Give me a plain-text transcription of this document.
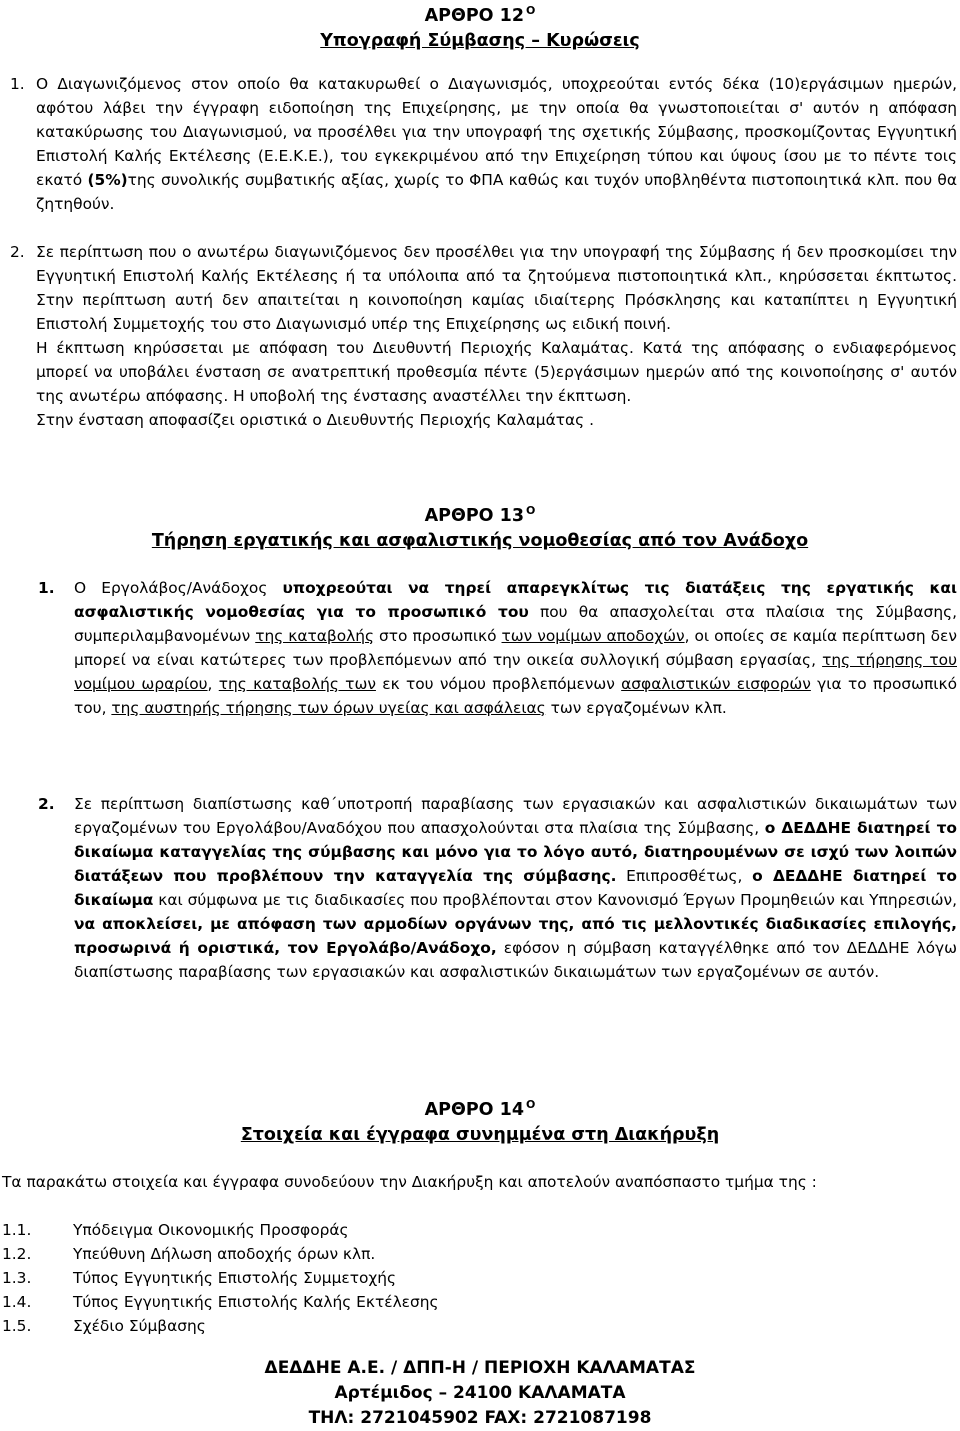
ΑΡΘΡΟ 12 $^O$
Υπογραφή Σύμβασης – Κυρώσεις
1. Ο Διαγωνιζόμενος στον οποίο θα κατακυρωθεί ο Διαγωνισμός, υποχρεούται εντός δέκα (10)εργάσιμων ημερών, αφότου λάβει την έγγραφη ειδοποίηση της Επιχείρησης, με την οποία θα γνωστοποιείται σ' αυτόν η απόφαση κατακύρωσης του Διαγωνισμού, να προσέλθει για την υπογραφή της σχετικής Σύμβασης, προσκομίζοντας Εγγυητική Επιστολή Καλής Εκτέλεσης (Ε.Ε.Κ.Ε.), του εγκεκριμένου από την Επιχείρηση τύπου και ύψους ίσου με το πέντε τοις εκατό (5%)της συνολικής συμβατικής αξίας, χωρίς το ΦΠΑ καθώς και τυχόν υποβληθέντα πιστοποιητικά κλπ. που θα ζητηθούν.
2. Σε περίπτωση που ο ανωτέρω διαγωνιζόμενος δεν προσέλθει για την υπογραφή της Σύμβασης ή δεν προσκομίσει την Εγγυητική Επιστολή Καλής Εκτέλεσης ή τα υπόλοιπα από τα ζητούμενα πιστοποιητικά κλπ., κηρύσσεται έκπτωτος. Στην περίπτωση αυτή δεν απαιτείται η κοινοποίηση καμίας ιδιαίτερης Πρόσκλησης και καταπίπτει η Εγγυητική Επιστολή Συμμετοχής του στο Διαγωνισμό υπέρ της Επιχείρησης ως ειδική ποινή.
Η έκπτωση κηρύσσεται με απόφαση του Διευθυντή Περιοχής Καλαμάτας. Κατά της απόφασης ο ενδιαφερόμενος μπορεί να υποβάλει ένσταση σε ανατρεπτική προθεσμία πέντε (5)εργάσιμων ημερών από της κοινοποίησης σ' αυτόν της ανωτέρω απόφασης. Η υποβολή της ένστασης αναστέλλει την έκπτωση.
Στην ένσταση αποφασίζει οριστικά ο Διευθυντής Περιοχής Καλαμάτας .
ΑΡΘΡΟ 13 $^O$
Τήρηση εργατικής και ασφαλιστικής νομοθεσίας από τον Ανάδοχο
1. Ο Εργολάβος/Ανάδοχος υποχρεούται να τηρεί απαρεγκλίτως τις διατάξεις της εργατικής και ασφαλιστικής νομοθεσίας για το προσωπικό του που θα απασχολείται στα πλαίσια της Σύμβασης, συμπεριλαμβανομένων της καταβολής στο προσωπικό των νομίμων αποδοχών, οι οποίες σε καμία περίπτωση δεν μπορεί να είναι κατώτερες των προβλεπόμενων από την οικεία συλλογική σύμβαση εργασίας, της τήρησης του νομίμου ωραρίου, της καταβολής των εκ του νόμου προβλεπόμενων ασφαλιστικών εισφορών για το προσωπικό του, της αυστηρής τήρησης των όρων υγείας και ασφάλειας των εργαζομένων κλπ.
2. Σε περίπτωση διαπίστωσης καθ΄υποτροπή παραβίασης των εργασιακών και ασφαλιστικών δικαιωμάτων των εργαζομένων του Εργολάβου/Αναδόχου που απασχολούνται στα πλαίσια της Σύμβασης, ο ΔΕΔΔΗΕ διατηρεί το δικαίωμα καταγγελίας της σύμβασης και μόνο για το λόγο αυτό, διατηρουμένων σε ισχύ των λοιπών διατάξεων που προβλέπουν την καταγγελία της σύμβασης. Επιπροσθέτως, ο ΔΕΔΔΗΕ διατηρεί το δικαίωμα και σύμφωνα με τις διαδικασίες που προβλέπονται στον Κανονισμό Έργων Προμηθειών και Υπηρεσιών, να αποκλείσει, με απόφαση των αρμοδίων οργάνων της, από τις μελλοντικές διαδικασίες επιλογής, προσωρινά ή οριστικά, τον Εργολάβο/Ανάδοχο, εφόσον η σύμβαση καταγγέλθηκε από τον ΔΕΔΔΗΕ λόγω διαπίστωσης παραβίασης των εργασιακών και ασφαλιστικών δικαιωμάτων των εργαζομένων σε αυτόν.
ΑΡΘΡΟ 14 $^O$
Στοιχεία και έγγραφα συνημμένα στη Διακήρυξη
Τα παρακάτω στοιχεία και έγγραφα συνοδεύουν την Διακήρυξη και αποτελούν αναπόσπαστο τμήμα της :
1.1.	Υπόδειγμα Οικονομικής Προσφοράς
1.2.	Υπεύθυνη Δήλωση αποδοχής όρων κλπ.
1.3.	Τύπος Εγγυητικής Επιστολής Συμμετοχής
1.4.	Τύπος Εγγυητικής Επιστολής Καλής Εκτέλεσης
1.5.	Σχέδιο Σύμβασης
ΔΕΔΔΗΕ Α.Ε. / ΔΠΠ-Η / ΠΕΡΙΟΧΗ ΚΑΛΑΜΑΤΑΣ
Αρτέμιδος – 24100 ΚΑΛΑΜΑΤΑ
ΤΗΛ: 2721045902 FAX: 2721087198
